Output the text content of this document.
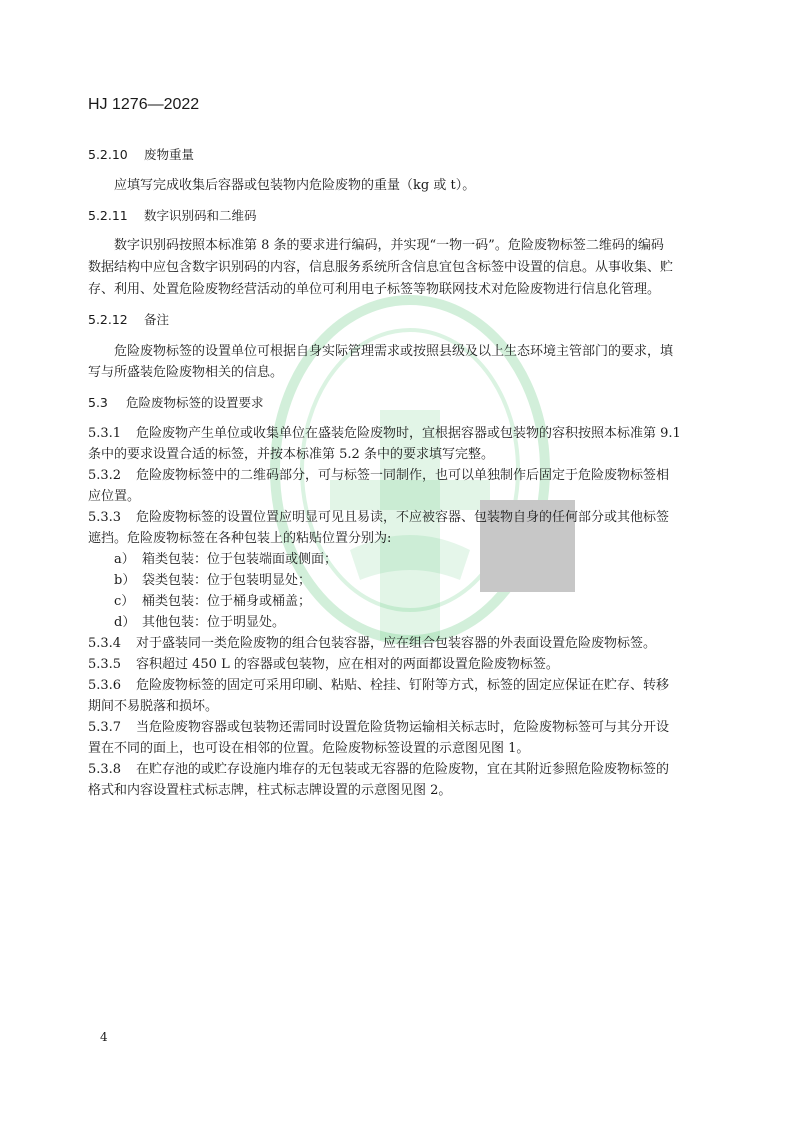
HJ 1276—2022
5.2.10 废物重量
应填写完成收集后容器或包装物内危险废物的重量（kg 或 t）。
5.2.11 数字识别码和二维码
数字识别码按照本标准第 8 条的要求进行编码，并实现“一物一码”。危险废物标签二维码的编码
数据结构中应包含数字识别码的内容，信息服务系统所含信息宜包含标签中设置的信息。从事收集、贮
存、利用、处置危险废物经营活动的单位可利用电子标签等物联网技术对危险废物进行信息化管理。
5.2.12 备注
危险废物标签的设置单位可根据自身实际管理需求或按照县级及以上生态环境主管部门的要求，填
写与所盛装危险废物相关的信息。
5.3 危险废物标签的设置要求
5.3.1 危险废物产生单位或收集单位在盛装危险废物时，宜根据容器或包装物的容积按照本标准第 9.1
条中的要求设置合适的标签，并按本标准第 5.2 条中的要求填写完整。
5.3.2 危险废物标签中的二维码部分，可与标签一同制作，也可以单独制作后固定于危险废物标签相
应位置。
5.3.3 危险废物标签的设置位置应明显可见且易读，不应被容器、包装物自身的任何部分或其他标签
遮挡。危险废物标签在各种包装上的粘贴位置分别为:
a） 箱类包装：位于包装端面或侧面；
b） 袋类包装：位于包装明显处；
c） 桶类包装：位于桶身或桶盖；
d） 其他包装：位于明显处。
5.3.4 对于盛装同一类危险废物的组合包装容器，应在组合包装容器的外表面设置危险废物标签。
5.3.5 容积超过 450 L 的容器或包装物，应在相对的两面都设置危险废物标签。
5.3.6 危险废物标签的固定可采用印刷、粘贴、栓挂、钉附等方式，标签的固定应保证在贮存、转移
期间不易脱落和损坏。
5.3.7 当危险废物容器或包装物还需同时设置危险货物运输相关标志时，危险废物标签可与其分开设
置在不同的面上，也可设在相邻的位置。危险废物标签设置的示意图见图 1。
5.3.8 在贮存池的或贮存设施内堆存的无包装或无容器的危险废物，宜在其附近参照危险废物标签的
格式和内容设置柱式标志牌，柱式标志牌设置的示意图见图 2。
4
